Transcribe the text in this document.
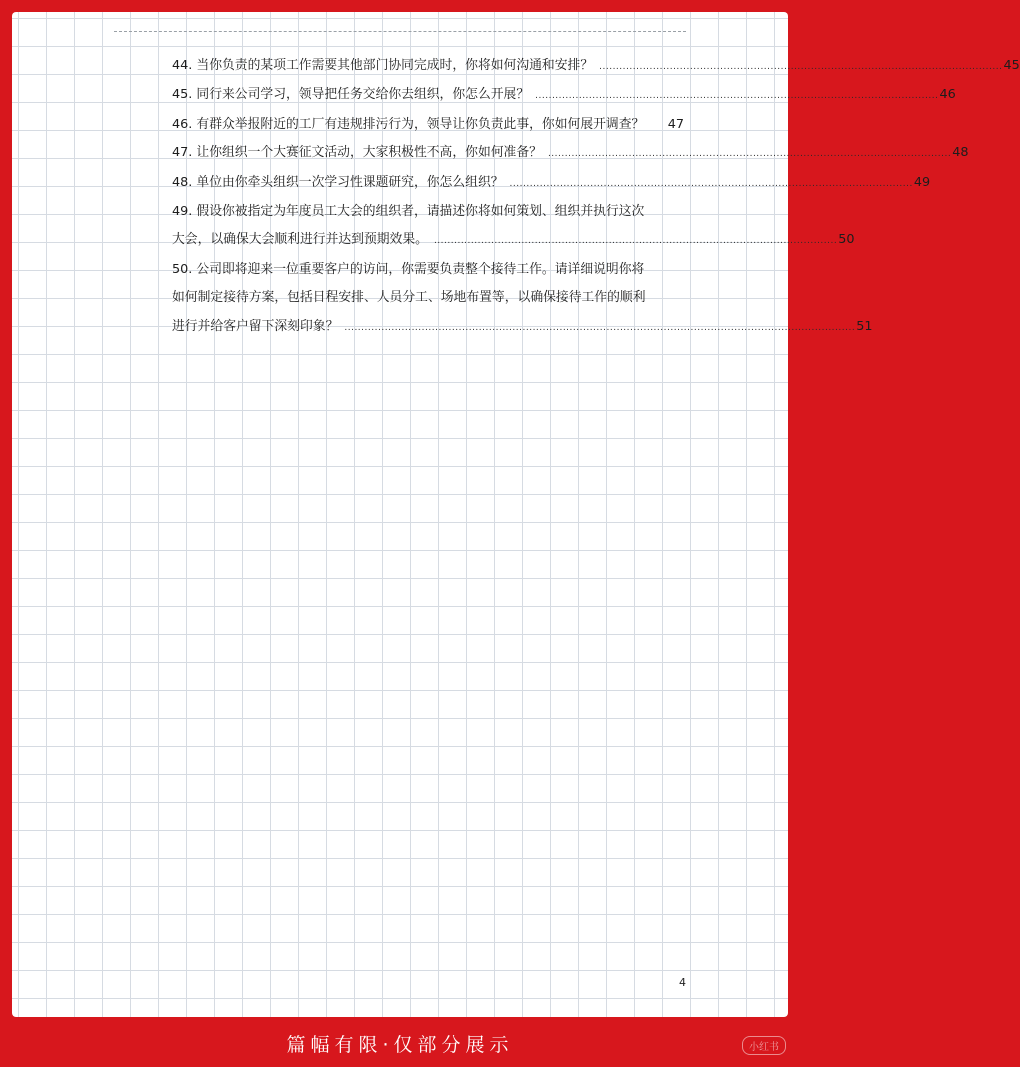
44. 当你负责的某项工作需要其他部门协同完成时，你将如何沟通和安排？ ........................................................................................................................ 45
45. 同行来公司学习，领导把任务交给你去组织，你怎么开展？ ........................................................................................................................ 46
46. 有群众举报附近的工厂有违规排污行为，领导让你负责此事，你如何展开调查？ 47
47. 让你组织一个大赛征文活动，大家积极性不高，你如何准备？ ........................................................................................................................ 48
48. 单位由你牵头组织一次学习性课题研究，你怎么组织？ ........................................................................................................................ 49
49. 假设你被指定为年度员工大会的组织者，请描述你将如何策划、组织并执行这次
大会，以确保大会顺利进行并达到预期效果。 ........................................................................................................................ 50
50. 公司即将迎来一位重要客户的访问，你需要负责整个接待工作。请详细说明你将
如何制定接待方案，包括日程安排、人员分工、场地布置等，以确保接待工作的顺利
进行并给客户留下深刻印象？ ........................................................................................................................................................ 51
4
篇幅有限·仅部分展示	小红书
